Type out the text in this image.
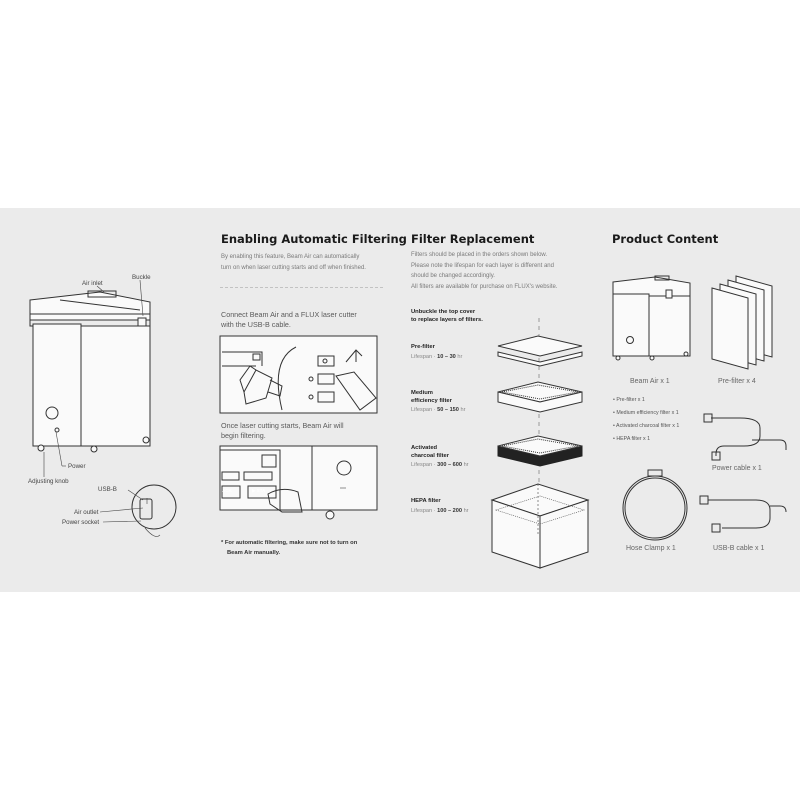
Air inlet
Buckle
Power
Adjusting knob
USB-B
Air outlet
Power socket
Enabling Automatic Filtering
By enabling this feature, Beam Air can automatically
turn on when laser cutting starts and off when finished.
Connect Beam Air and a FLUX laser cutter
with the USB-B cable.
Once laser cutting starts, Beam Air will
begin filtering.
ACK	▶ STA
* For automatic filtering, make sure not to turn on
Beam Air manually.
Filter Replacement
Filters should be placed in the orders shown below.
Please note the lifespan for each layer is different and
should be changed accordingly.
All filters are available for purchase on FLUX's website.
Unbuckle the top cover
to replace layers of filters.
Pre-filter
Lifespan · 10 – 30 hr
Medium
efficiency filter
Lifespan · 50 – 150 hr
Activated
charcoal filter
Lifespan · 300 – 600 hr
HEPA filter
Lifespan · 100 – 200 hr
Product Content
Beam Air x 1	Pre-filter x 4
• Pre-filter x 1
• Medium efficiency filter x 1
• Activated charcoal filter x 1
• HEPA filter x 1
Power cable x 1
Hose Clamp x 1	USB-B cable x 1
